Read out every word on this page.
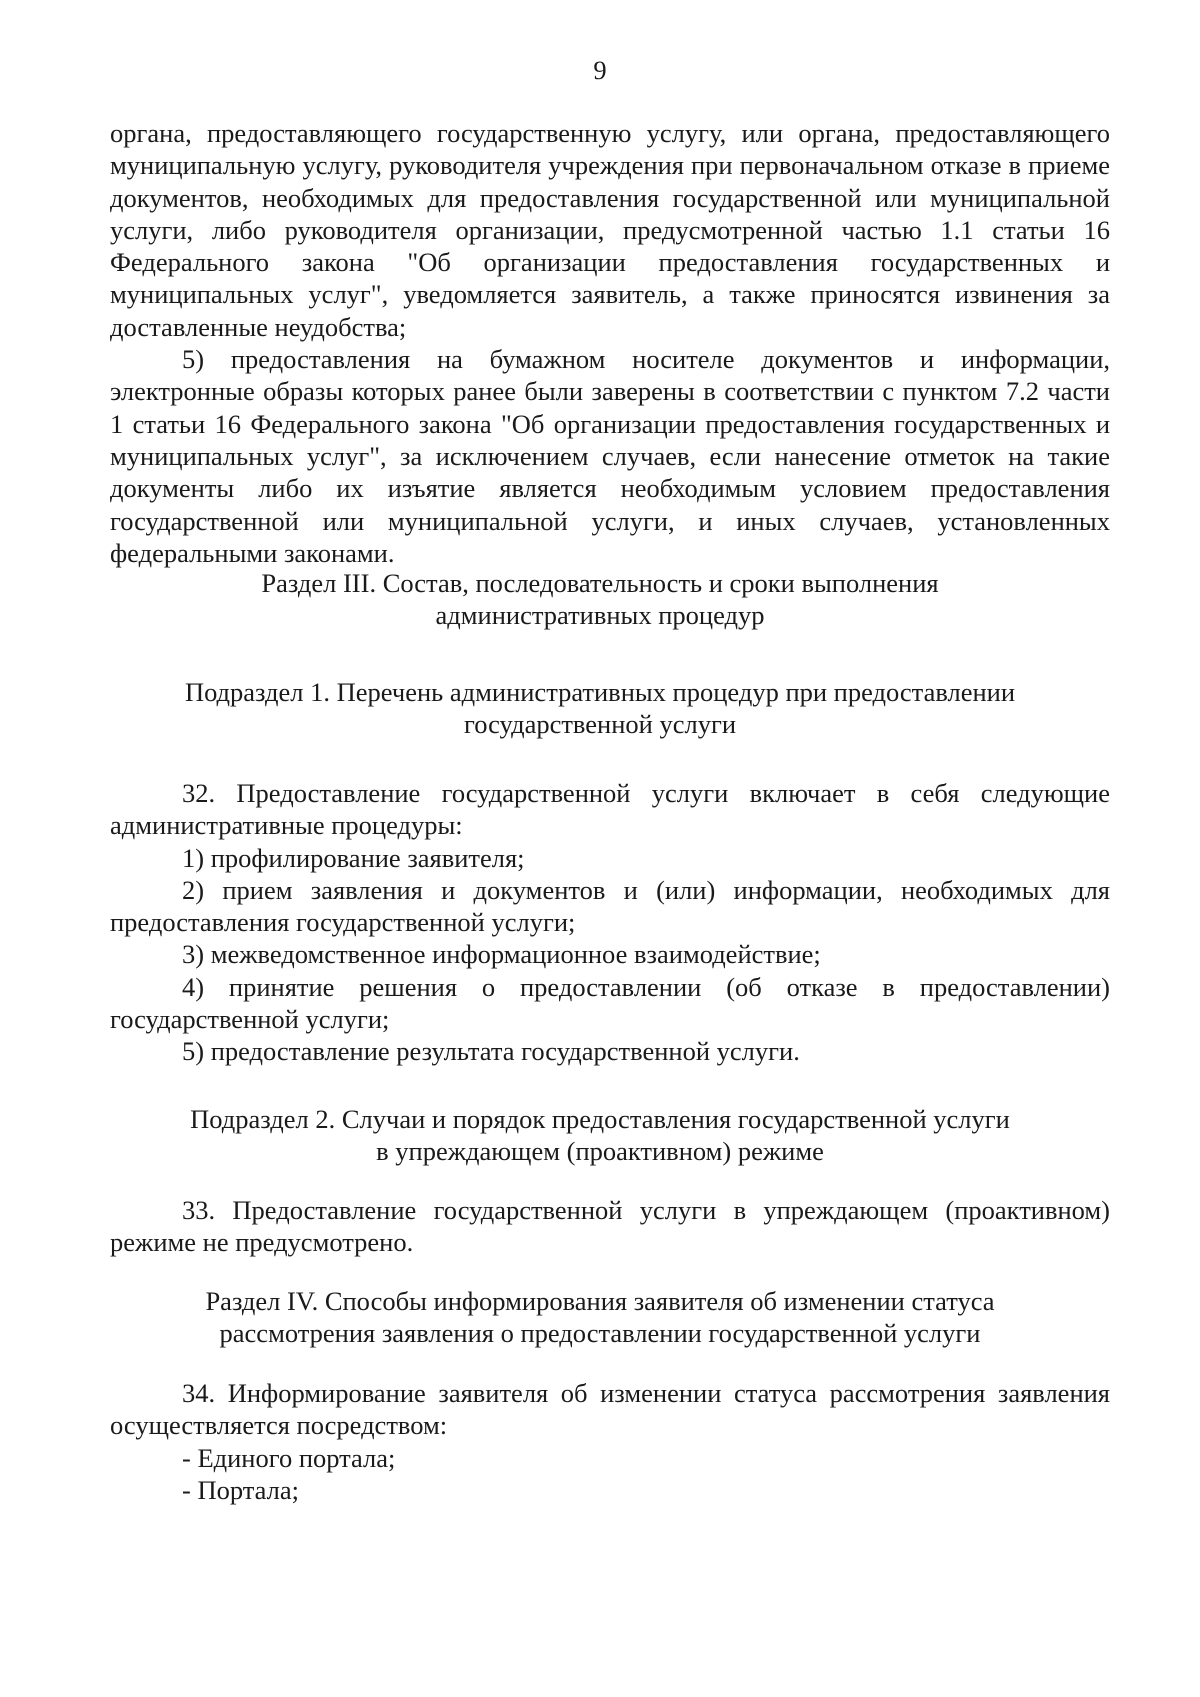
9

органа, предоставляющего государственную услугу, или органа, предоставляющего муниципальную услугу, руководителя учреждения при первоначальном отказе в приеме документов, необходимых для предоставления государственной или муниципальной услуги, либо руководителя организации, предусмотренной частью 1.1 статьи 16 Федерального закона "Об организации предоставления государственных и муниципальных услуг", уведомляется заявитель, а также приносятся извинения за доставленные неудобства;

5) предоставления на бумажном носителе документов и информации, электронные образы которых ранее были заверены в соответствии с пунктом 7.2 части 1 статьи 16 Федерального закона "Об организации предоставления государственных и муниципальных услуг", за исключением случаев, если нанесение отметок на такие документы либо их изъятие является необходимым условием предоставления государственной или муниципальной услуги, и иных случаев, установленных федеральными законами.

Раздел III. Состав, последовательность и сроки выполнения
административных процедур
Подраздел 1. Перечень административных процедур при предоставлении
государственной услуги

32. Предоставление государственной услуги включает в себя следующие административные процедуры:

1) профилирование заявителя;

2) прием заявления и документов и (или) информации, необходимых для предоставления государственной услуги;

3) межведомственное информационное взаимодействие;

4) принятие решения о предоставлении (об отказе в предоставлении) государственной услуги;

5) предоставление результата государственной услуги.

Подраздел 2. Случаи и порядок предоставления государственной услуги
в упреждающем (проактивном) режиме

33. Предоставление государственной услуги в упреждающем (проактивном) режиме не предусмотрено.

Раздел IV. Способы информирования заявителя об изменении статуса
рассмотрения заявления о предоставлении государственной услуги

34. Информирование заявителя об изменении статуса рассмотрения заявления осуществляется посредством:

- Единого портала;

- Портала;
